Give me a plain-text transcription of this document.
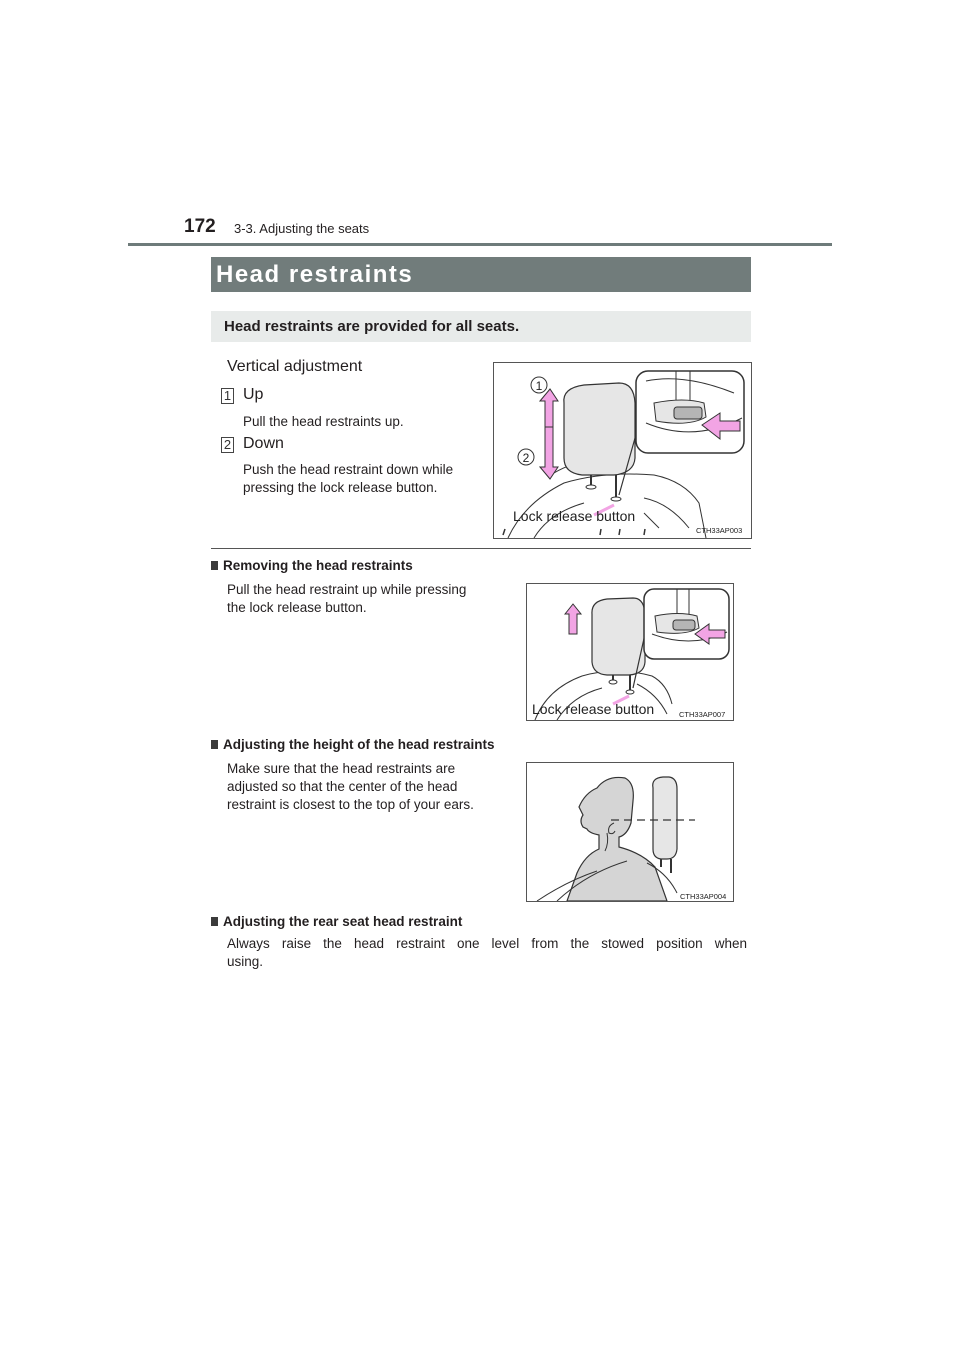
172 3-3. Adjusting the seats
Head restraints
Head restraints are provided for all seats.
Vertical adjustment
1 Up
Pull the head restraints up.
2 Down
Push the head restraint down while
pressing the lock release button.
1
2
Lock release button
CTH33AP003
Removing the head restraints
Pull the head restraint up while pressing
the lock release button.
Lock release button	CTH33AP007
Adjusting the height of the head restraints
Make sure that the head restraints are
adjusted so that the center of the head
restraint is closest to the top of your ears.
CTH33AP004
Adjusting the rear seat head restraint
Always raise the head restraint one level from the stowed position when
using.
